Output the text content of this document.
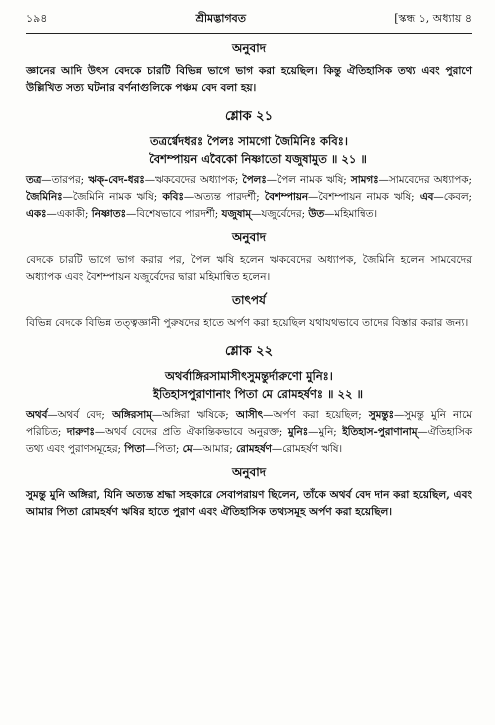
১৯৪	শ্রীমদ্ভাগবত	[স্কন্ধ ১, অধ্যায় ৪
অনুবাদ

জ্ঞানের আদি উৎস বেদকে চারটি বিভিন্ন ভাগে ভাগ করা হয়েছিল। কিন্তু ঐতিহাসিক তথ্য এবং পুরাণে উল্লিখিত সত্য ঘটনার বর্ণনাগুলিকে পঞ্চম বেদ বলা হয়।

শ্লোক ২১
তত্রর্গ্বেদধরঃ পৈলঃ সামগো জৈমিনিঃ কবিঃ।
বৈশম্পায়ন এবৈকো নিষ্ণাতো যজুষামুত ॥ ২১ ॥

তত্র—তারপর; ঋক্‌-বেদ-ধরঃ—ঋকবেদের অধ্যাপক; পৈলঃ—পৈল নামক ঋষি; সামগঃ—সামবেদের অধ্যাপক; জৈমিনিঃ—জৈমিনি নামক ঋষি; কবিঃ—অত্যন্ত পারদর্শী; বৈশম্পায়ন—বৈশম্পায়ন নামক ঋষি; এব—কেবল; একঃ—একাকী; নিষ্ণাতঃ—বিশেষভাবে পারদর্শী; যজুষাম্‌—যজুর্বেদের; উত—মহিমান্বিত।

অনুবাদ

বেদকে চারটি ভাগে ভাগ করার পর, পৈল ঋষি হলেন ঋকবেদের অধ্যাপক, জৈমিনি হলেন সামবেদের অধ্যাপক এবং বৈশম্পায়ন যজুর্বেদের দ্বারা মহিমান্বিত হলেন।

তাৎপর্য

বিভিন্ন বেদকে বিভিন্ন তত্ত্বজ্ঞানী পুরুষদের হাতে অর্পণ করা হয়েছিল যথাযথভাবে তাদের বিস্তার করার জন্য।

শ্লোক ২২
অথর্বাঙ্গিরসামাসীৎসুমন্তুর্দারুণো মুনিঃ।
ইতিহাসপুরাণানাং পিতা মে রোমহর্ষণঃ ॥ ২২ ॥

অথর্ব—অথর্ব বেদ; অঙ্গিরসাম্‌—অঙ্গিরা ঋষিকে; আসীৎ—অর্পণ করা হয়েছিল; সুমন্তুঃ—সুমন্তু মুনি নামে পরিচিত; দারুণঃ—অথর্ব বেদের প্রতি ঐকান্তিকভাবে অনুরক্ত; মুনিঃ—মুনি; ইতিহাস-পুরাণানাম্‌—ঐতিহাসিক তথ্য এবং পুরাণসমূহের; পিতা—পিতা; মে—আমার; রোমহর্ষণ—রোমহর্ষণ ঋষি।

অনুবাদ

সুমন্তু মুনি অঙ্গিরা, যিনি অত্যন্ত শ্রদ্ধা সহকারে সেবাপরায়ণ ছিলেন, তাঁকে অথর্ব বেদ দান করা হয়েছিল, এবং আমার পিতা রোমহর্ষণ ঋষির হাতে পুরাণ এবং ঐতিহাসিক তথ্যসমূহ অর্পণ করা হয়েছিল।
